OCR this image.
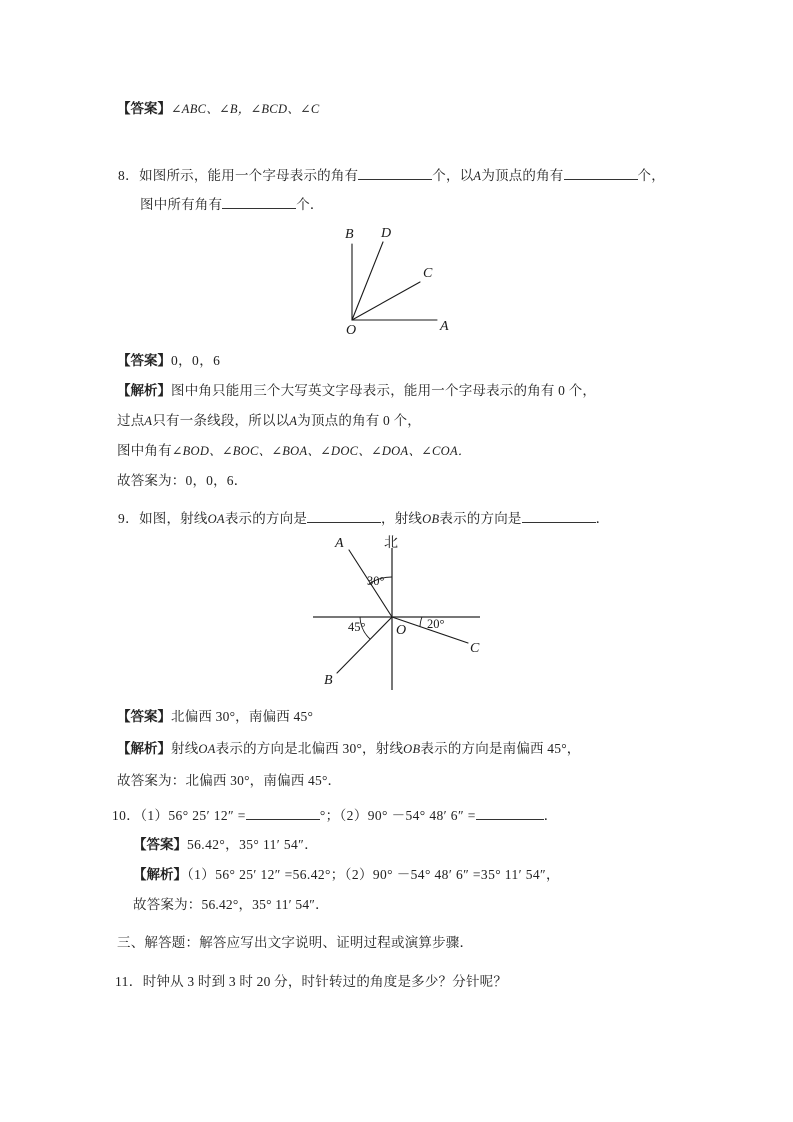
【答案】∠ABC、∠B，∠BCD、∠C
8．如图所示，能用一个字母表示的角有	个，以A为顶点的角有	个，
图中所有角有	个．
O
B D
C
A
【答案】0，0，6
【解析】图中角只能用三个大写英文字母表示，能用一个字母表示的角有 0 个，
过点A只有一条线段，所以以A为顶点的角有 0 个，
图中角有∠BOD、∠BOC、∠BOA、∠DOC、∠DOA、∠COA．
故答案为：0，0，6．
9．如图，射线OA表示的方向是	，射线OB表示的方向是	．
北
A
B
C
O
30°
45°	20°
【答案】北偏西 30°，南偏西 45°
【解析】射线OA表示的方向是北偏西 30°，射线OB表示的方向是南偏西 45°，
故答案为：北偏西 30°，南偏西 45°．
10．（1）56° 25′ 12″ =	°；（2）90° －54° 48′ 6″ =	．
【答案】56.42°，35° 11′ 54″．
【解析】（1）56° 25′ 12″ =56.42°；（2）90° －54° 48′ 6″ =35° 11′ 54″，
故答案为：56.42°，35° 11′ 54″．
三、解答题：解答应写出文字说明、证明过程或演算步骤．
11．时钟从 3 时到 3 时 20 分，时针转过的角度是多少？分针呢？
